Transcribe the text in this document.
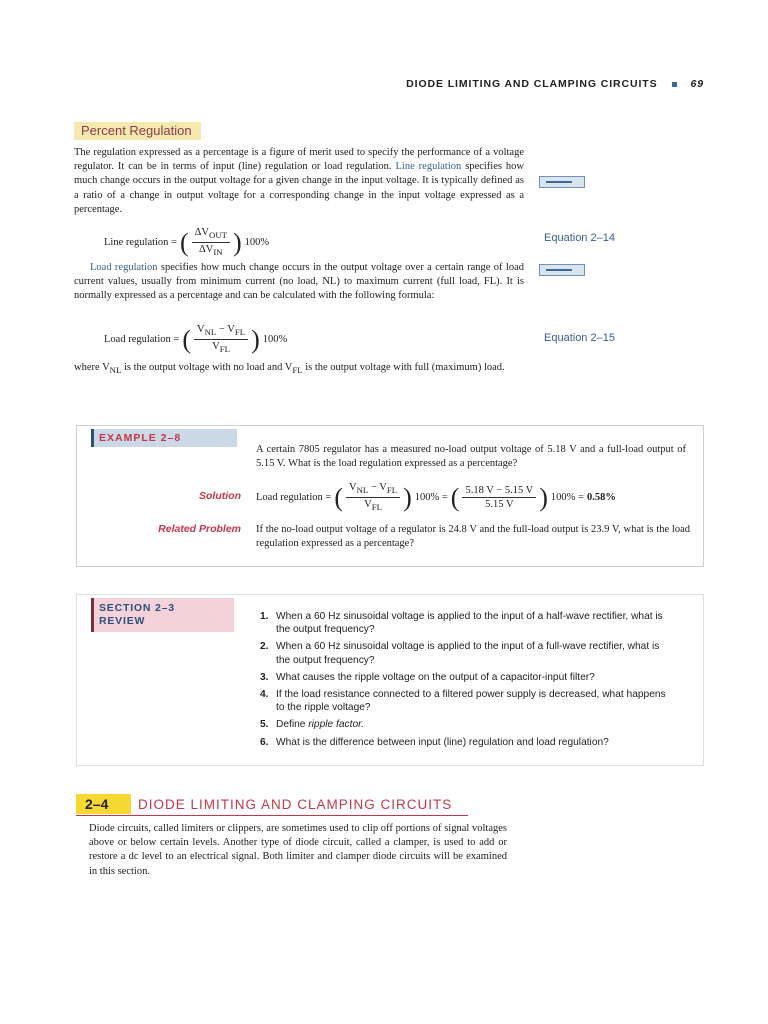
DIODE LIMITING AND CLAMPING CIRCUITS	69
Percent Regulation
The regulation expressed as a percentage is a figure of merit used to specify the performance of a voltage regulator. It can be in terms of input (line) regulation or load regulation. Line regulation specifies how much change occurs in the output voltage for a given change in the input voltage. It is typically defined as a ratio of a change in output voltage for a corresponding change in the input voltage expressed as a percentage.
Line regulation = ( $\frac{\Delta V_{OUT}}{\Delta V_{IN}}$ ) 100%	Equation 2–14
Load regulation specifies how much change occurs in the output voltage over a certain range of load current values, usually from minimum current (no load, NL) to maximum current (full load, FL). It is normally expressed as a percentage and can be calculated with the following formula:
Load regulation = ( $\frac{V_{NL} - V_{FL}}{V_{FL}}$ ) 100%	Equation 2–15
where $V_{NL}$ is the output voltage with no load and $V_{FL}$ is the output voltage with full (maximum) load.
EXAMPLE 2–8
A certain 7805 regulator has a measured no-load output voltage of 5.18 V and a full-load output of 5.15 V. What is the load regulation expressed as a percentage?
Solution Load regulation = ( $\frac{V_{NL} - V_{FL}}{V_{FL}}$ ) 100% = ( $\frac{5.18 V - 5.15 V}{5.15 V}$ ) 100% = 0.58%
Related Problem If the no-load output voltage of a regulator is 24.8 V and the full-load output is 23.9 V, what is the load regulation expressed as a percentage?
SECTION 2–3
REVIEW	1. When a 60 Hz sinusoidal voltage is applied to the input of a half-wave rectifier, what is the output frequency?
2. When a 60 Hz sinusoidal voltage is applied to the input of a full-wave rectifier, what is the output frequency?
3. What causes the ripple voltage on the output of a capacitor-input filter?
4. If the load resistance connected to a filtered power supply is decreased, what happens to the ripple voltage?
5. Define ripple factor.
6. What is the difference between input (line) regulation and load regulation?
2–4	DIODE LIMITING AND CLAMPING CIRCUITS
Diode circuits, called limiters or clippers, are sometimes used to clip off portions of signal voltages above or below certain levels. Another type of diode circuit, called a clamper, is used to add or restore a dc level to an electrical signal. Both limiter and clamper diode circuits will be examined in this section.
